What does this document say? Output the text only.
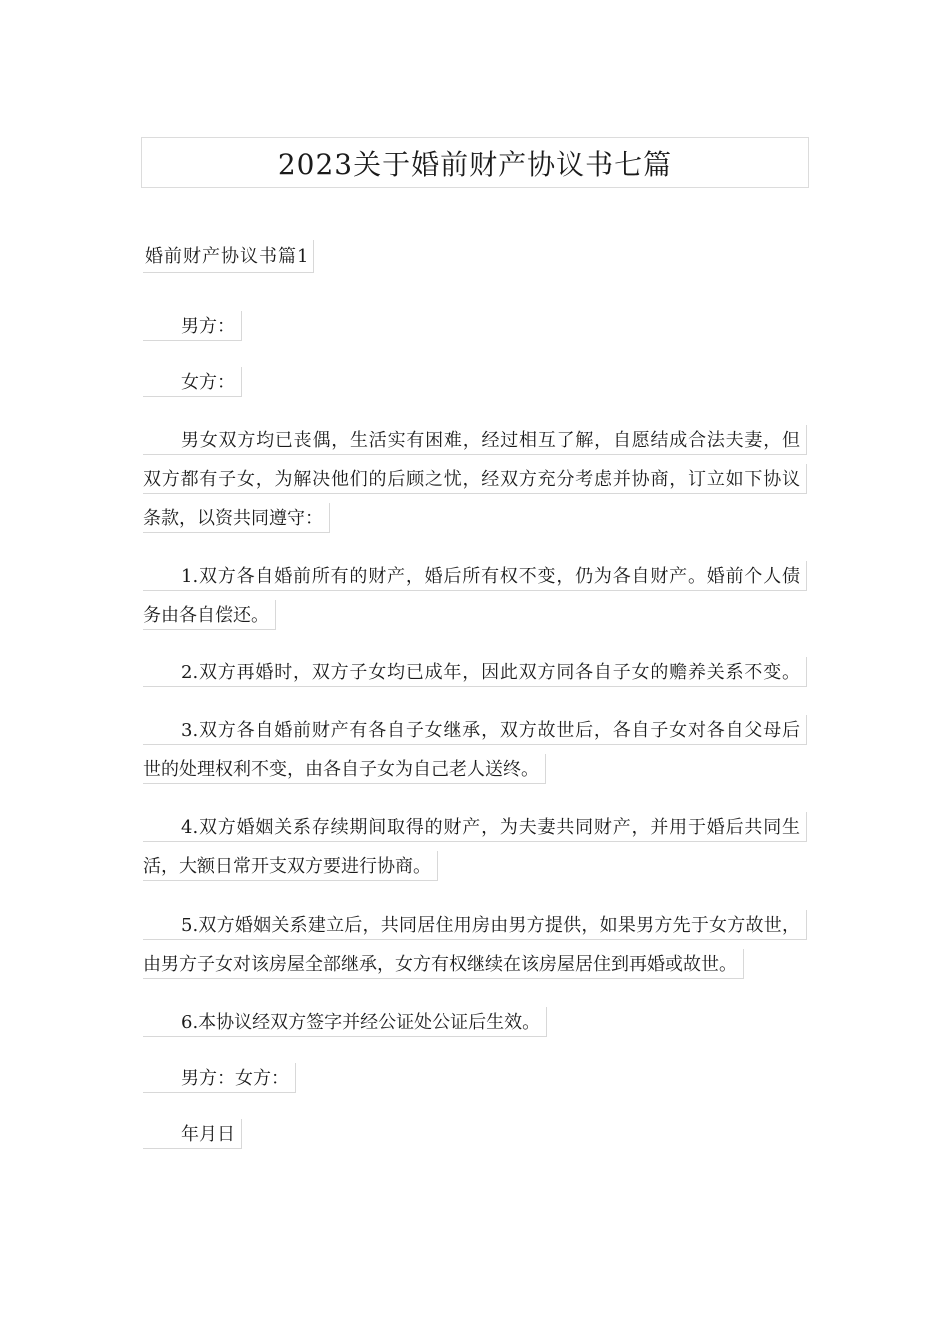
2023关于婚前财产协议书七篇
婚前财产协议书篇1
男方：
女方：
男女双方均已丧偶，生活实有困难，经过相互了解，自愿结成合法夫妻，但
双方都有子女，为解决他们的后顾之忧，经双方充分考虑并协商，订立如下协议
条款，以资共同遵守：
1.双方各自婚前所有的财产，婚后所有权不变，仍为各自财产。婚前个人债
务由各自偿还。
2.双方再婚时，双方子女均已成年，因此双方同各自子女的赡养关系不变。
3.双方各自婚前财产有各自子女继承，双方故世后，各自子女对各自父母后
世的处理权利不变，由各自子女为自己老人送终。
4.双方婚姻关系存续期间取得的财产，为夫妻共同财产，并用于婚后共同生
活，大额日常开支双方要进行协商。
5.双方婚姻关系建立后，共同居住用房由男方提供，如果男方先于女方故世，
由男方子女对该房屋全部继承，女方有权继续在该房屋居住到再婚或故世。
6.本协议经双方签字并经公证处公证后生效。
男方：女方：
年月日
